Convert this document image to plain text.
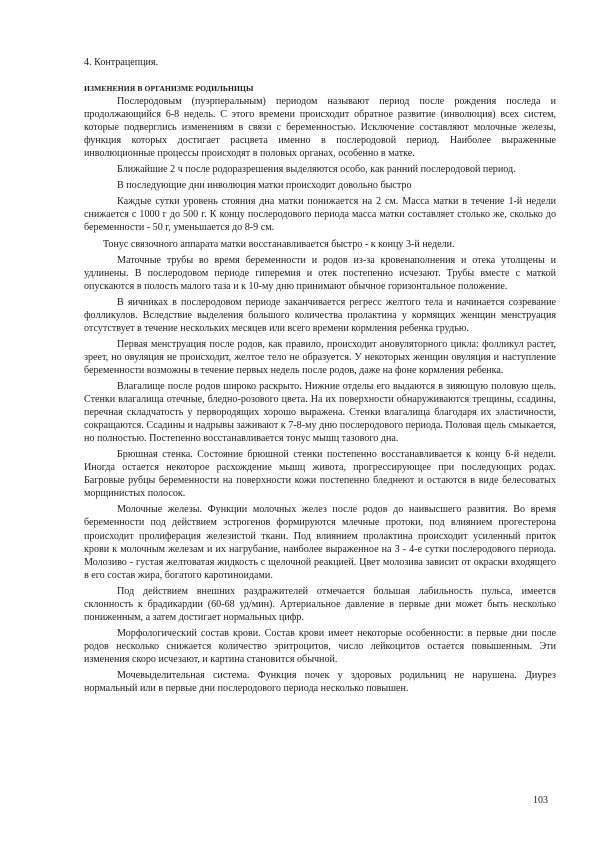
4. Контрацепция.

ИЗМЕНЕНИЯ В ОРГАНИЗМЕ РОДИЛЬНИЦЫ

Послеродовым (пуэрперальным) периодом называют период после рождения последа и продолжающийся 6-8 недель. С этого времени происходит обратное развитие (инволюция) всех систем, которые подверглись изменениям в связи с беременностью. Исключение составляют молочные железы, функция которых достигает расцвета именно в послеродовой период. Наиболее выраженные инволюционные процессы происходят в половых органах, особенно в матке.

Ближайшие 2 ч после родоразрешения выделяются особо, как ранний послеродовой период.

В последующие дни инволюция матки происходит довольно быстро

Каждые сутки уровень стояния дна матки понижается на 2 см. Масса матки в течение 1-й недели снижается с 1000 г до 500 г. К концу послеродового периода масса матки составляет столько же, сколько до беременности - 50 г, уменьшается до 8-9 см.

Тонус связочного аппарата матки восстанавливается быстро - к концу 3-й недели.

Маточные трубы во время беременности и родов из-за кровенаполнения и отека утолщены и удлинены. В послеродовом периоде гиперемия и отек постепенно исчезают. Трубы вместе с маткой опускаются в полость малого таза и к 10-му дню принимают обычное горизонтальное положение.

В яичниках в послеродовом периоде заканчивается регресс желтого тела и начинается созревание фолликулов. Вследствие выделения большого количества пролактина у кормящих женщин менструация отсутствует в течение нескольких месяцев или всего времени кормления ребенка грудью.

Первая менструация после родов, как правило, происходит ановуляторного цикла: фолликул растет, зреет, но овуляция не происходит, желтое тело не образуется. У некоторых женщин овуляция и наступление беременности возможны в течение первых недель после родов, даже на фоне кормления ребенка.

Влагалище после родов широко раскрыто. Нижние отделы его выдаются в зияющую половую щель. Стенки влагалища отечные, бледно-розового цвета. На их поверхности обнаруживаются трещины, ссадины, перечная складчатость у первородящих хорошо выражена. Стенки влагалища благодаря их эластичности, сокращаются. Ссадины и надрывы заживают к 7-8-му дню послеродового периода. Половая щель смыкается, но полностью. Постепенно восстанавливается тонус мышц тазового дна.

Брюшная стенка. Состояние брюшной стенки постепенно восстанавливается к концу 6-й недели. Иногда остается некоторое расхождение мышц живота, прогрессирующее при последующих родах. Багровые рубцы беременности на поверхности кожи постепенно бледнеют и остаются в виде белесоватых морщинистых полосок.

Молочные железы. Функции молочных желез после родов до наивысшего развития. Во время беременности под действием эстрогенов формируются млечные протоки, под влиянием прогестерона происходит пролиферация железистой ткани. Под влиянием пролактина происходит усиленный приток крови к молочным железам и их нагрубание, наиболее выраженное на 3 - 4-е сутки послеродового периода. Молозиво - густая желтоватая жидкость с щелочной реакцией. Цвет молозива зависит от окраски входящего в его состав жира, богатого каротиноидами.

Под действием внешних раздражителей отмечается большая лабильность пульса, имеется склонность к брадикардии (60-68 уд/мин). Артериальное давление в первые дни может быть несколько пониженным, а затем достигает нормальных цифр.

Морфологический состав крови. Состав крови имеет некоторые особенности: в первые дни после родов несколько снижается количество эритроцитов, число лейкоцитов остается повышенным. Эти изменения скоро исчезают, и картина становится обычной.

Мочевыделительная система. Функция почек у здоровых родильниц не нарушена. Диурез нормальный или в первые дни послеродового периода несколько повышен.

103
